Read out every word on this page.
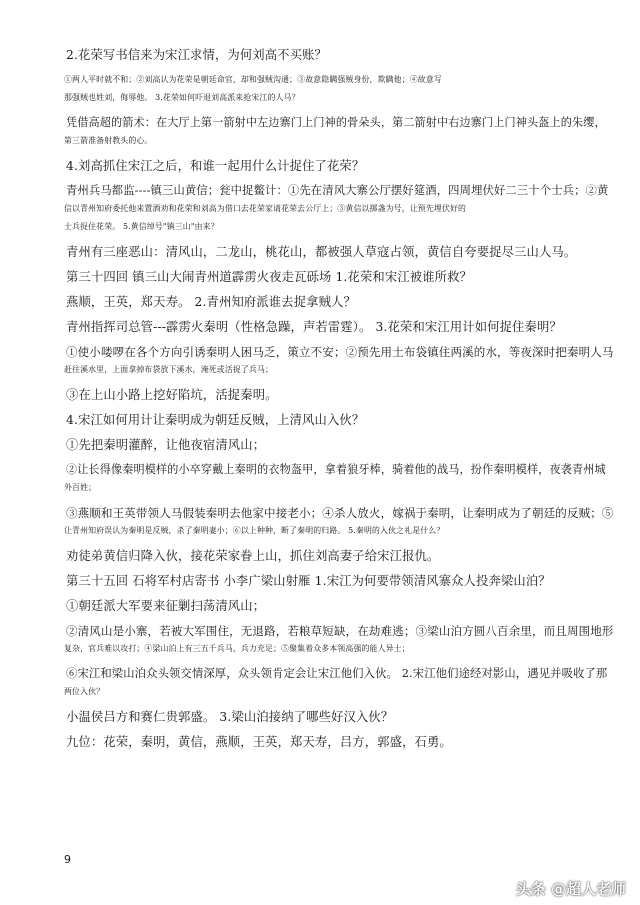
2.花荣写书信来为宋江求情，为何刘高不买账？

①两人平时就不和；②刘高认为花荣是朝廷命官，却和强贼沟通；③故意隐瞒强贼身份，欺瞒他；④故意写

那强贼也姓刘，侮辱他。 3.花荣如何吓退刘高派来抢宋江的人马？

凭借高超的箭术：在大厅上第一箭射中左边寨门上门神的骨朵头，第二箭射中右边寨门上门神头盔上的朱缨，

第三箭准备射教头的心。

4.刘高抓住宋江之后，和谁一起用什么计捉住了花荣？

青州兵马都监----镇三山黄信；瓮中捉鳖计：①先在清风大寨公厅摆好筵酒，四周埋伏好二三十个士兵；②黄

信以青州知府委托他来置酒劝和花荣和刘高为借口去花荣家请花荣去公厅上；③黄信以掷盏为号，让预先埋伏好的

士兵捉住花荣。 5.黄信绰号"镇三山"由来？

青州有三座恶山：清风山，二龙山，桃花山，都被强人草寇占领，黄信自夸要捉尽三山人马。

第三十四回 镇三山大闹青州道霹雳火夜走瓦砾场 1.花荣和宋江被谁所救？

燕顺，王英，郑天寿。 2.青州知府派谁去捉拿贼人？

青州指挥司总管---霹雳火秦明（性格急躁，声若雷霆）。 3.花荣和宋江用计如何捉住秦明？

①使小喽啰在各个方向引诱秦明人困马乏，策立不安；②预先用土布袋镇住两溪的水，等夜深时把秦明人马

赶往溪水里，上面拿掉布袋放下溪水，淹死或活捉了兵马；

③在上山小路上挖好陷坑，活捉秦明。

4.宋江如何用计让秦明成为朝廷反贼，上清风山入伙？

①先把秦明灌醉，让他夜宿清风山；

②让长得像秦明模样的小卒穿戴上秦明的衣物盔甲，拿着狼牙棒，骑着他的战马，扮作秦明模样，夜袭青州城

外百姓；

③燕顺和王英带领人马假装秦明去他家中接老小；④杀人放火，嫁祸于秦明，让秦明成为了朝廷的反贼；⑤

让青州知府误认为秦明是反贼，杀了秦明妻小；⑥以上种种，断了秦明的归路。 5.秦明的入伙之礼是什么？

劝徒弟黄信归降入伙，接花荣家眷上山，抓住刘高妻子给宋江报仇。

第三十五回 石将军村店寄书 小李广梁山射雁 1.宋江为何要带领清风寨众人投奔梁山泊？

①朝廷派大军要来征剿扫荡清风山；

②清风山是小寨，若被大军围住，无退路，若粮草短缺，在劫难逃；③梁山泊方圆八百余里，而且周围地形

复杂，官兵难以攻打；④梁山泊上有三五千兵马，兵力充足；⑤聚集着众多本领高强的能人异士；

⑥宋江和梁山泊众头领交情深厚，众头领肯定会让宋江他们入伙。 2.宋江他们途经对影山，遇见并吸收了那

两位入伙？

小温侯吕方和赛仁贵郭盛。 3.梁山泊接纳了哪些好汉入伙？

九位：花荣，秦明，黄信，燕顺，王英，郑天寿，吕方，郭盛，石勇。

9
头条 @超人老师
